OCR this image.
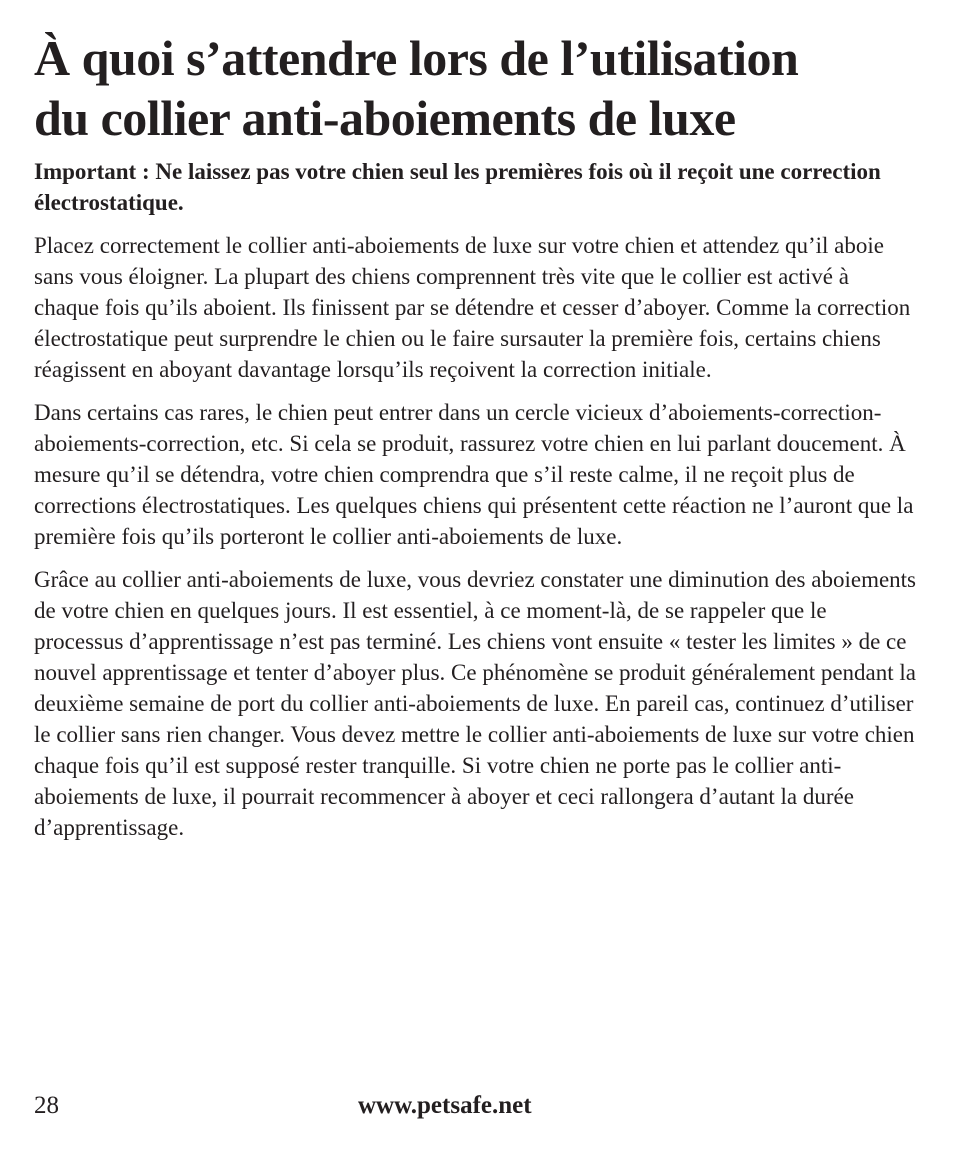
À quoi s’attendre lors de l’utilisation
du collier anti-aboiements de luxe

Important : Ne laissez pas votre chien seul les premières fois où il reçoit une correction électrostatique.

Placez correctement le collier anti-aboiements de luxe sur votre chien et attendez qu’il aboie sans vous éloigner. La plupart des chiens comprennent très vite que le collier est activé à chaque fois qu’ils aboient. Ils finissent par se détendre et cesser d’aboyer. Comme la correction électrostatique peut surprendre le chien ou le faire sursauter la première fois, certains chiens réagissent en aboyant davantage lorsqu’ils reçoivent la correction initiale.

Dans certains cas rares, le chien peut entrer dans un cercle vicieux d’aboiements-correction-aboiements-correction, etc. Si cela se produit, rassurez votre chien en lui parlant doucement. À mesure qu’il se détendra, votre chien comprendra que s’il reste calme, il ne reçoit plus de corrections électrostatiques. Les quelques chiens qui présentent cette réaction ne l’auront que la première fois qu’ils porteront le collier anti-aboiements de luxe.

Grâce au collier anti-aboiements de luxe, vous devriez constater une diminution des aboiements de votre chien en quelques jours. Il est essentiel, à ce moment-là, de se rappeler que le processus d’apprentissage n’est pas terminé. Les chiens vont ensuite « tester les limites » de ce nouvel apprentissage et tenter d’aboyer plus. Ce phénomène se produit généralement pendant la deuxième semaine de port du collier anti-aboiements de luxe. En pareil cas, continuez d’utiliser le collier sans rien changer. Vous devez mettre le collier anti-aboiements de luxe sur votre chien chaque fois qu’il est supposé rester tranquille. Si votre chien ne porte pas le collier anti-aboiements de luxe, il pourrait recommencer à aboyer et ceci rallongera d’autant la durée d’apprentissage.

28	www.petsafe.net
